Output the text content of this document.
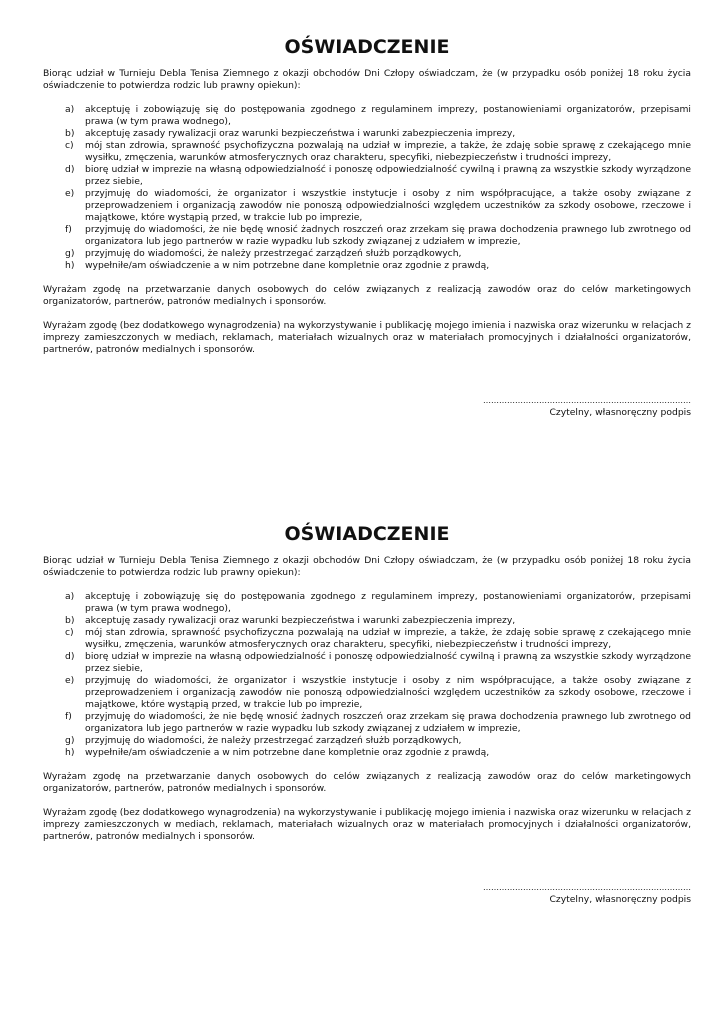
OŚWIADCZENIE

Biorąc udział w Turnieju Debla Tenisa Ziemnego z okazji obchodów Dni Człopy oświadczam, że (w przypadku osób poniżej 18 roku życia oświadczenie to potwierdza rodzic lub prawny opiekun):

a)	akceptuję i zobowiązuję się do postępowania zgodnego z regulaminem imprezy, postanowieniami organizatorów, przepisami prawa (w tym prawa wodnego),
b)	akceptuję zasady rywalizacji oraz warunki bezpieczeństwa i warunki zabezpieczenia imprezy,
c)	mój stan zdrowia, sprawność psychofizyczna pozwalają na udział w imprezie, a także, że zdaję sobie sprawę z czekającego mnie wysiłku, zmęczenia, warunków atmosferycznych oraz charakteru, specyfiki, niebezpieczeństw i trudności imprezy,
d)	biorę udział w imprezie na własną odpowiedzialność i ponoszę odpowiedzialność cywilną i prawną za wszystkie szkody wyrządzone przez siebie,
e)	przyjmuję do wiadomości, że organizator i wszystkie instytucje i osoby z nim współpracujące, a także osoby związane z przeprowadzeniem i organizacją zawodów nie ponoszą odpowiedzialności względem uczestników za szkody osobowe, rzeczowe i majątkowe, które wystąpią przed, w trakcie lub po imprezie,
f)	przyjmuję do wiadomości, że nie będę wnosić żadnych roszczeń oraz zrzekam się prawa dochodzenia prawnego lub zwrotnego od organizatora lub jego partnerów w razie wypadku lub szkody związanej z udziałem w imprezie,
g)	przyjmuję do wiadomości, że należy przestrzegać zarządzeń służb porządkowych,
h)	wypełniłe/am oświadczenie a w nim potrzebne dane kompletnie oraz zgodnie z prawdą,

Wyrażam zgodę na przetwarzanie danych osobowych do celów związanych z realizacją zawodów oraz do celów marketingowych organizatorów, partnerów, patronów medialnych i sponsorów.

Wyrażam zgodę (bez dodatkowego wynagrodzenia) na wykorzystywanie i publikację mojego imienia i nazwiska oraz wizerunku w relacjach z imprezy zamieszczonych w mediach, reklamach, materiałach wizualnych oraz w materiałach promocyjnych i działalności organizatorów, partnerów, patronów medialnych i sponsorów.

……………………………………………………………………
Czytelny, własnoręczny podpis
OŚWIADCZENIE

Biorąc udział w Turnieju Debla Tenisa Ziemnego z okazji obchodów Dni Człopy oświadczam, że (w przypadku osób poniżej 18 roku życia oświadczenie to potwierdza rodzic lub prawny opiekun):

a)	akceptuję i zobowiązuję się do postępowania zgodnego z regulaminem imprezy, postanowieniami organizatorów, przepisami prawa (w tym prawa wodnego),
b)	akceptuję zasady rywalizacji oraz warunki bezpieczeństwa i warunki zabezpieczenia imprezy,
c)	mój stan zdrowia, sprawność psychofizyczna pozwalają na udział w imprezie, a także, że zdaję sobie sprawę z czekającego mnie wysiłku, zmęczenia, warunków atmosferycznych oraz charakteru, specyfiki, niebezpieczeństw i trudności imprezy,
d)	biorę udział w imprezie na własną odpowiedzialność i ponoszę odpowiedzialność cywilną i prawną za wszystkie szkody wyrządzone przez siebie,
e)	przyjmuję do wiadomości, że organizator i wszystkie instytucje i osoby z nim współpracujące, a także osoby związane z przeprowadzeniem i organizacją zawodów nie ponoszą odpowiedzialności względem uczestników za szkody osobowe, rzeczowe i majątkowe, które wystąpią przed, w trakcie lub po imprezie,
f)	przyjmuję do wiadomości, że nie będę wnosić żadnych roszczeń oraz zrzekam się prawa dochodzenia prawnego lub zwrotnego od organizatora lub jego partnerów w razie wypadku lub szkody związanej z udziałem w imprezie,
g)	przyjmuję do wiadomości, że należy przestrzegać zarządzeń służb porządkowych,
h)	wypełniłe/am oświadczenie a w nim potrzebne dane kompletnie oraz zgodnie z prawdą,

Wyrażam zgodę na przetwarzanie danych osobowych do celów związanych z realizacją zawodów oraz do celów marketingowych organizatorów, partnerów, patronów medialnych i sponsorów.

Wyrażam zgodę (bez dodatkowego wynagrodzenia) na wykorzystywanie i publikację mojego imienia i nazwiska oraz wizerunku w relacjach z imprezy zamieszczonych w mediach, reklamach, materiałach wizualnych oraz w materiałach promocyjnych i działalności organizatorów, partnerów, patronów medialnych i sponsorów.

……………………………………………………………………
Czytelny, własnoręczny podpis
